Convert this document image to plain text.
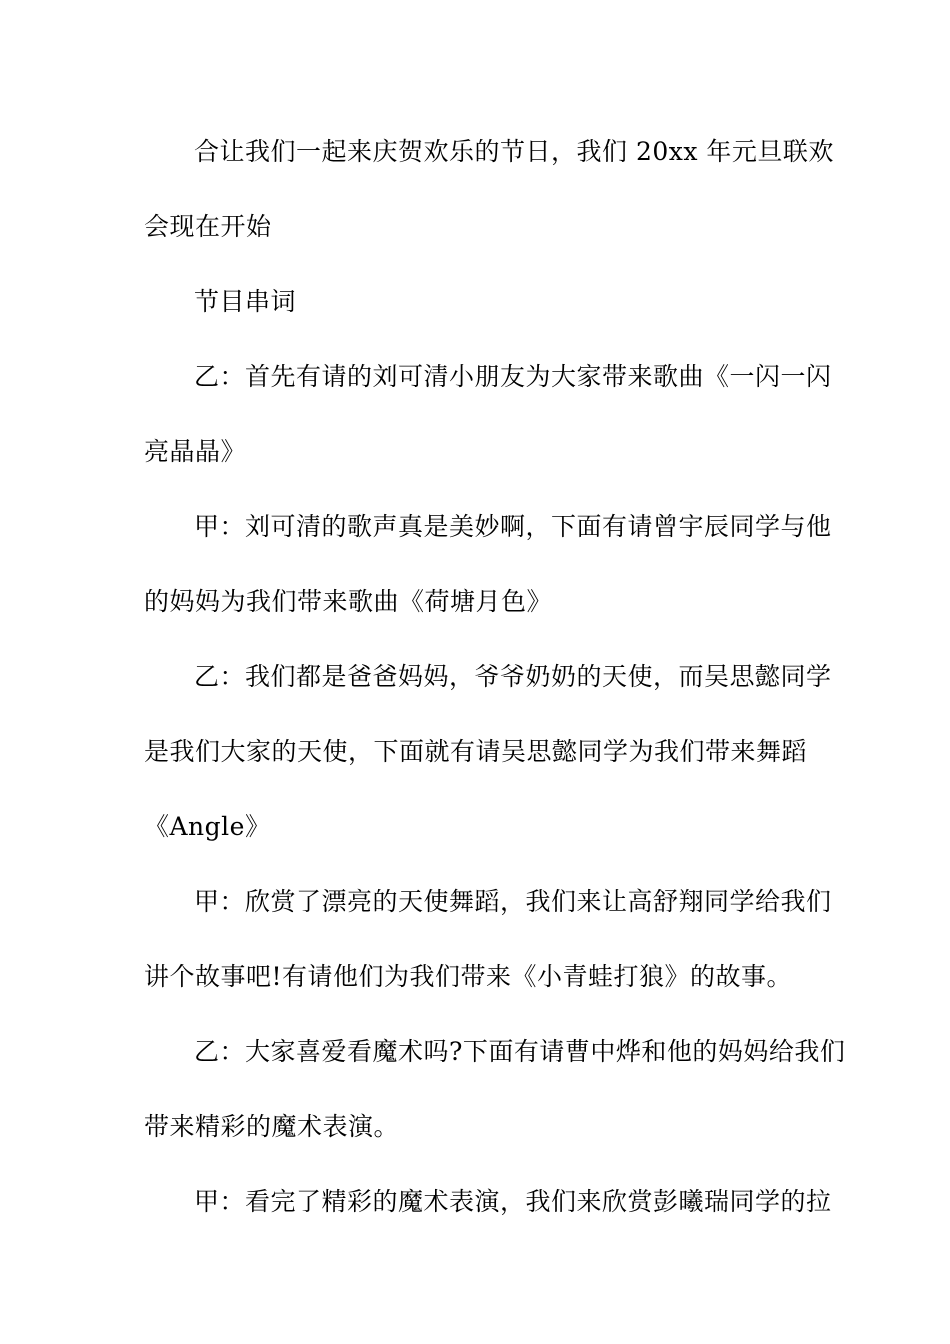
合让我们一起来庆贺欢乐的节日，我们 20xx 年元旦联欢
会现在开始
节目串词
乙：首先有请的刘可清小朋友为大家带来歌曲《一闪一闪
亮晶晶》
甲：刘可清的歌声真是美妙啊，下面有请曾宇辰同学与他
的妈妈为我们带来歌曲《荷塘月色》
乙：我们都是爸爸妈妈，爷爷奶奶的天使，而吴思懿同学
是我们大家的天使，下面就有请吴思懿同学为我们带来舞蹈
《Angle》
甲：欣赏了漂亮的天使舞蹈，我们来让高舒翔同学给我们
讲个故事吧!有请他们为我们带来《小青蛙打狼》的故事。
乙：大家喜爱看魔术吗?下面有请曹中烨和他的妈妈给我们
带来精彩的魔术表演。
甲：看完了精彩的魔术表演，我们来欣赏彭曦瑞同学的拉
